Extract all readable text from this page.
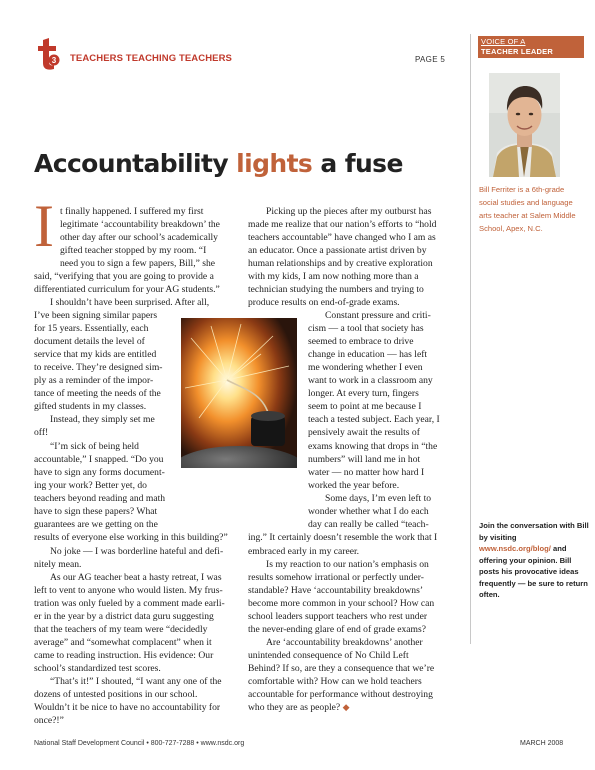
3 TEACHERS TEACHING TEACHERS	PAGE 5
VOICE OF A
TEACHER LEADER
Bill Ferriter is a 6th-grade social studies and language arts teacher at Salem Middle School, Apex, N.C.
Join the conversation with Bill by visiting www.nsdc.org/blog/ and offering your opinion. Bill posts his provocative ideas frequently — be sure to return often.
Accountability lights a fuse
I t finally happened. I suffered my first
legitimate ‘accountability breakdown’ the
other day after our school’s academically
gifted teacher stopped by my room. “I
need you to sign a few papers, Bill,” she
said, “verifying that you are going to provide a
differentiated curriculum for your AG students.”
I shouldn’t have been surprised. After all,
I’ve been signing similar papers
for 15 years. Essentially, each
document details the level of
service that my kids are entitled
to receive. They’re designed sim-
ply as a reminder of the impor-
tance of meeting the needs of the
gifted students in my classes.
Instead, they simply set me
off!
“I’m sick of being held
accountable,” I snapped. “Do you
have to sign any forms document-
ing your work? Better yet, do
teachers beyond reading and math
have to sign these papers? What
guarantees are we getting on the
results of everyone else working in this building?”
No joke — I was borderline hateful and defi-
nitely mean.
As our AG teacher beat a hasty retreat, I was
left to vent to anyone who would listen. My frus-
tration was only fueled by a comment made earli-
er in the year by a district data guru suggesting
that the teachers of my team were “decidedly
average” and “somewhat complacent” when it
came to reading instruction. His evidence: Our
school’s standardized test scores.
“That’s it!” I shouted, “I want any one of the
dozens of untested positions in our school.
Wouldn’t it be nice to have no accountability for
once?!”
Picking up the pieces after my outburst has
made me realize that our nation’s efforts to “hold
teachers accountable” have changed who I am as
an educator. Once a passionate artist driven by
human relationships and by creative exploration
with my kids, I am now nothing more than a
technician studying the numbers and trying to
produce results on end-of-grade exams.
Constant pressure and criti-
cism — a tool that society has
seemed to embrace to drive
change in education — has left
me wondering whether I even
want to work in a classroom any
longer. At every turn, fingers
seem to point at me because I
teach a tested subject. Each year, I
pensively await the results of
exams knowing that drops in “the
numbers” will land me in hot
water — no matter how hard I
worked the year before.
Some days, I’m even left to
wonder whether what I do each
day can really be called “teach-
ing.” It certainly doesn’t resemble the work that I
embraced early in my career.
Is my reaction to our nation’s emphasis on
results somehow irrational or perfectly under-
standable? Have ‘accountability breakdowns’
become more common in your school? How can
school leaders support teachers who rest under
the never-ending glare of end of grade exams?
Are ‘accountability breakdowns’ another
unintended consequence of No Child Left
Behind? If so, are they a consequence that we’re
comfortable with? How can we hold teachers
accountable for performance without destroying
who they are as people? ◆
National Staff Development Council • 800-727-7288 • www.nsdc.org	MARCH 2008
